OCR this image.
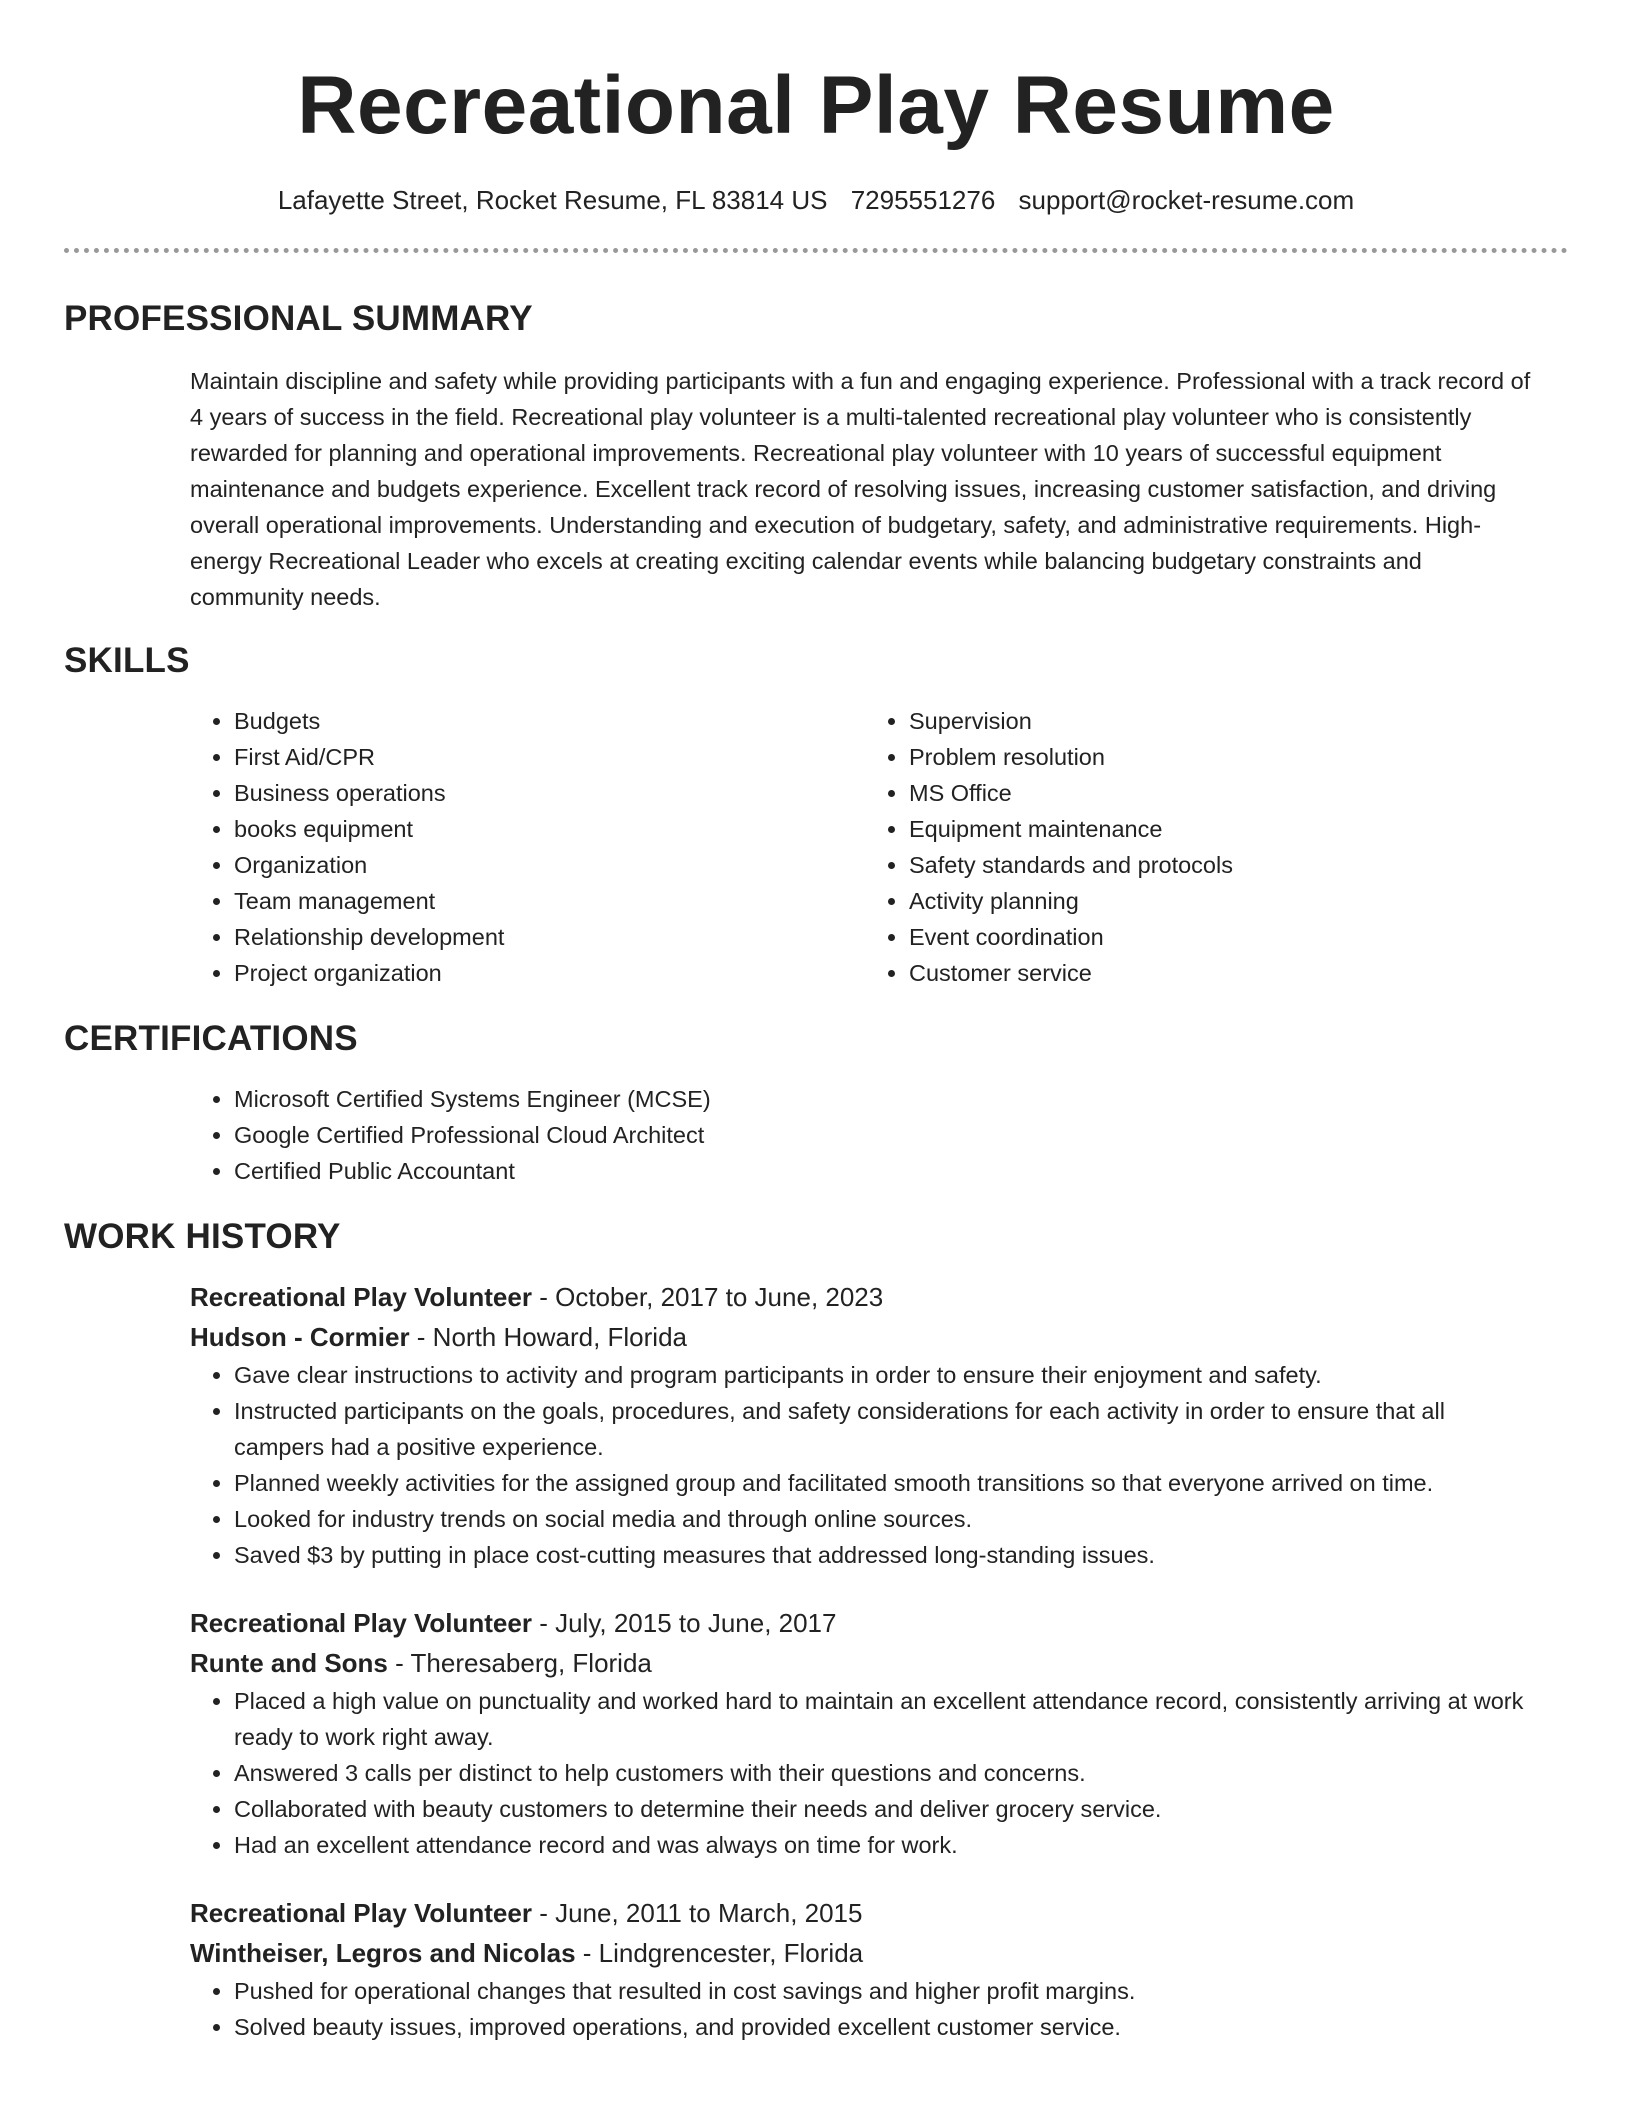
Recreational Play Resume
Lafayette Street, Rocket Resume, FL 83814 US 7295551276 support@rocket-resume.com
PROFESSIONAL SUMMARY
Maintain discipline and safety while providing participants with a fun and engaging experience. Professional with a track record of 4 years of success in the field. Recreational play volunteer is a multi-talented recreational play volunteer who is consistently rewarded for planning and operational improvements. Recreational play volunteer with 10 years of successful equipment maintenance and budgets experience. Excellent track record of resolving issues, increasing customer satisfaction, and driving overall operational improvements. Understanding and execution of budgetary, safety, and administrative requirements. High-energy Recreational Leader who excels at creating exciting calendar events while balancing budgetary constraints and community needs.
SKILLS
• Budgets
• First Aid/CPR
• Business operations
• books equipment
• Organization
• Team management
• Relationship development
• Project organization
• Supervision
• Problem resolution
• MS Office
• Equipment maintenance
• Safety standards and protocols
• Activity planning
• Event coordination
• Customer service
CERTIFICATIONS
• Microsoft Certified Systems Engineer (MCSE)
• Google Certified Professional Cloud Architect
• Certified Public Accountant
WORK HISTORY
Recreational Play Volunteer - October, 2017 to June, 2023
Hudson - Cormier - North Howard, Florida
• Gave clear instructions to activity and program participants in order to ensure their enjoyment and safety.
• Instructed participants on the goals, procedures, and safety considerations for each activity in order to ensure that all campers had a positive experience.
• Planned weekly activities for the assigned group and facilitated smooth transitions so that everyone arrived on time.
• Looked for industry trends on social media and through online sources.
• Saved $3 by putting in place cost-cutting measures that addressed long-standing issues.
Recreational Play Volunteer - July, 2015 to June, 2017
Runte and Sons - Theresaberg, Florida
• Placed a high value on punctuality and worked hard to maintain an excellent attendance record, consistently arriving at work ready to work right away.
• Answered 3 calls per distinct to help customers with their questions and concerns.
• Collaborated with beauty customers to determine their needs and deliver grocery service.
• Had an excellent attendance record and was always on time for work.
Recreational Play Volunteer - June, 2011 to March, 2015
Wintheiser, Legros and Nicolas - Lindgrencester, Florida
• Pushed for operational changes that resulted in cost savings and higher profit margins.
• Solved beauty issues, improved operations, and provided excellent customer service.
